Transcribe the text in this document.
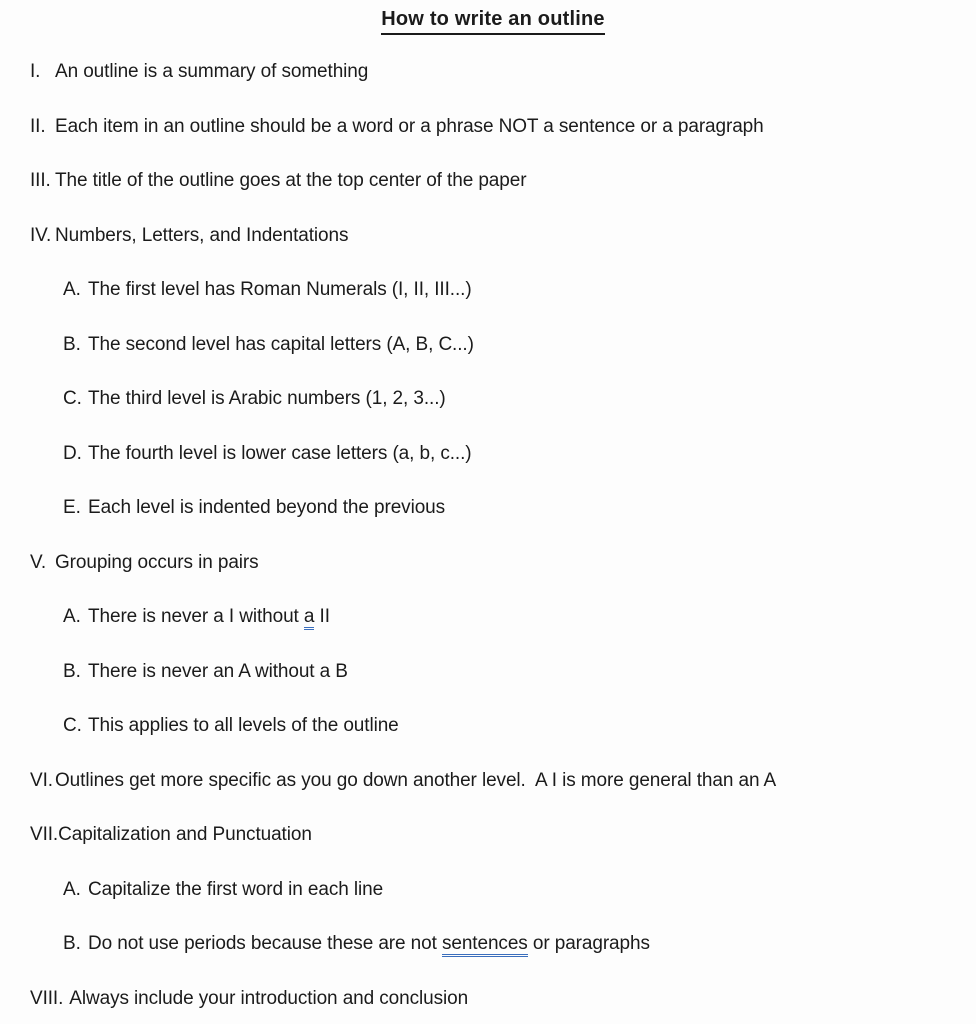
How to write an outline
I. An outline is a summary of something
II. Each item in an outline should be a word or a phrase NOT a sentence or a paragraph
III. The title of the outline goes at the top center of the paper
IV. Numbers, Letters, and Indentations
A. The first level has Roman Numerals (I, II, III...)
B. The second level has capital letters (A, B, C...)
C. The third level is Arabic numbers (1, 2, 3...)
D. The fourth level is lower case letters (a, b, c...)
E. Each level is indented beyond the previous
V. Grouping occurs in pairs
A. There is never a I without a II
B. There is never an A without a B
C. This applies to all levels of the outline
VI. Outlines get more specific as you go down another level.  A I is more general than an A
VII. Capitalization and Punctuation
A. Capitalize the first word in each line
B. Do not use periods because these are not sentences or paragraphs
VIII. Always include your introduction and conclusion
